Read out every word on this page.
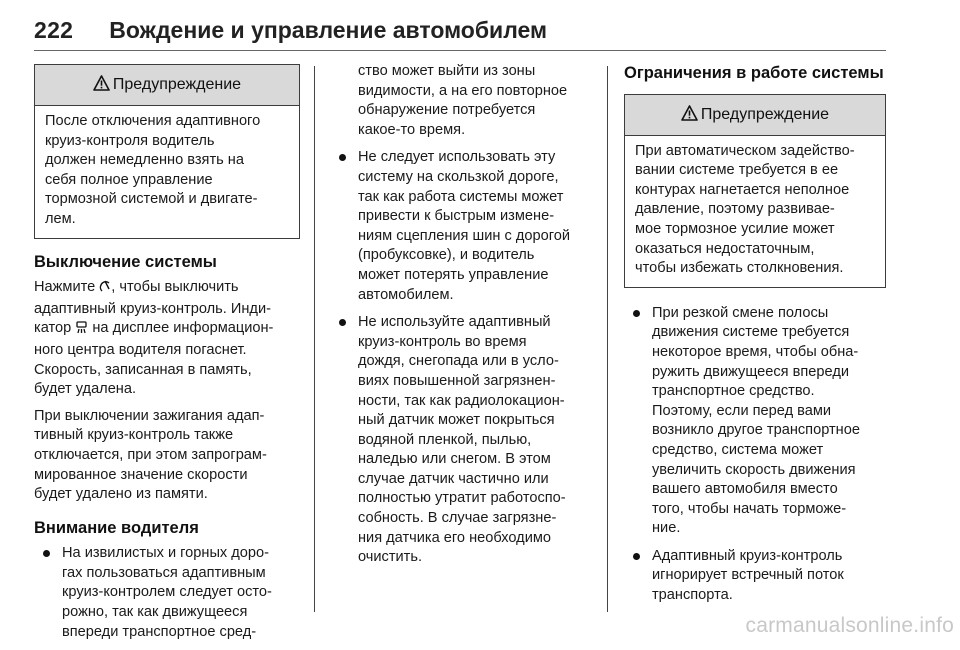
222 Вождение и управление автомобилем
Предупреждение
После отключения адаптивного
круиз-контроля водитель
должен немедленно взять на
себя полное управление
тормозной системой и двигате-
лем.
Выключение системы

Нажмите , чтобы выключить
адаптивный круиз-контроль. Инди-
катор  на дисплее информацион-
ного центра водителя погаснет.
Скорость, записанная в память,
будет удалена.

При выключении зажигания адап-
тивный круиз-контроль также
отключается, при этом запрограм-
мированное значение скорости
будет удалено из памяти.

Внимание водителя
На извилистых и горных доро-
гах пользоваться адаптивным
круиз-контролем следует осто-
рожно, так как движущееся
впереди транспортное сред-
ство может выйти из зоны
видимости, а на его повторное
обнаружение потребуется
какое-то время.
Не следует использовать эту
систему на скользкой дороге,
так как работа системы может
привести к быстрым измене-
ниям сцепления шин с дорогой
(пробуксовке), и водитель
может потерять управление
автомобилем.
Не используйте адаптивный
круиз-контроль во время
дождя, снегопада или в усло-
виях повышенной загрязнен-
ности, так как радиолокацион-
ный датчик может покрыться
водяной пленкой, пылью,
наледью или снегом. В этом
случае датчик частично или
полностью утратит работоспо-
собность. В случае загрязне-
ния датчика его необходимо
очистить.
Ограничения в работе системы
Предупреждение
При автоматическом задейство-
вании системе требуется в ее
контурах нагнетается неполное
давление, поэтому развивае-
мое тормозное усилие может
оказаться недостаточным,
чтобы избежать столкновения.
При резкой смене полосы
движения системе требуется
некоторое время, чтобы обна-
ружить движущееся впереди
транспортное средство.
Поэтому, если перед вами
возникло другое транспортное
средство, система может
увеличить скорость движения
вашего автомобиля вместо
того, чтобы начать торможе-
ние.
Адаптивный круиз-контроль
игнорирует встречный поток
транспорта.
carmanualsonline.info
